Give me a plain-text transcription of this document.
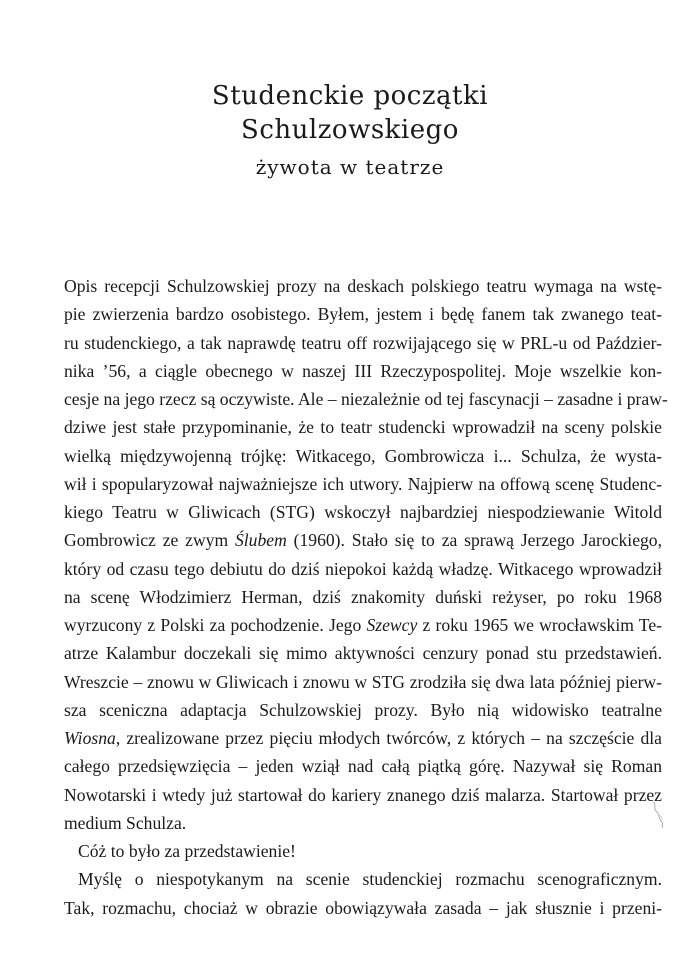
Studenckie początki
Schulzowskiego
żywota w teatrze
Opis recepcji Schulzowskiej prozy na deskach polskiego teatru wymaga na wstę-
pie zwierzenia bardzo osobistego. Byłem, jestem i będę fanem tak zwanego teat-
ru studenckiego, a tak naprawdę teatru off rozwijającego się w PRL-u od Paździer-
nika ’56, a ciągle obecnego w naszej III Rzeczypospolitej. Moje wszelkie kon-
cesje na jego rzecz są oczywiste. Ale – niezależnie od tej fascynacji – zasadne i praw-
dziwe jest stałe przypominanie, że to teatr studencki wprowadził na sceny polskie
wielką międzywojenną trójkę: Witkacego, Gombrowicza i... Schulza, że wysta-
wił i spopularyzował najważniejsze ich utwory. Najpierw na offową scenę Studenc-
kiego Teatru w Gliwicach (STG) wskoczył najbardziej niespodziewanie Witold
Gombrowicz ze zwym Ślubem (1960). Stało się to za sprawą Jerzego Jarockiego,
który od czasu tego debiutu do dziś niepokoi każdą władzę. Witkacego wprowadził
na scenę Włodzimierz Herman, dziś znakomity duński reżyser, po roku 1968
wyrzucony z Polski za pochodzenie. Jego Szewcy z roku 1965 we wrocławskim Te-
atrze Kalambur doczekali się mimo aktywności cenzury ponad stu przedstawień.
Wreszcie – znowu w Gliwicach i znowu w STG zrodziła się dwa lata później pierw-
sza sceniczna adaptacja Schulzowskiej prozy. Było nią widowisko teatralne
Wiosna, zrealizowane przez pięciu młodych twórców, z których – na szczęście dla
całego przedsięwzięcia – jeden wziął nad całą piątką górę. Nazywał się Roman
Nowotarski i wtedy już startował do kariery znanego dziś malarza. Startował przez
medium Schulza.
Cóż to było za przedstawienie!
Myślę o niespotykanym na scenie studenckiej rozmachu scenograficznym.
Tak, rozmachu, chociaż w obrazie obowiązywała zasada – jak słusznie i przeni-
